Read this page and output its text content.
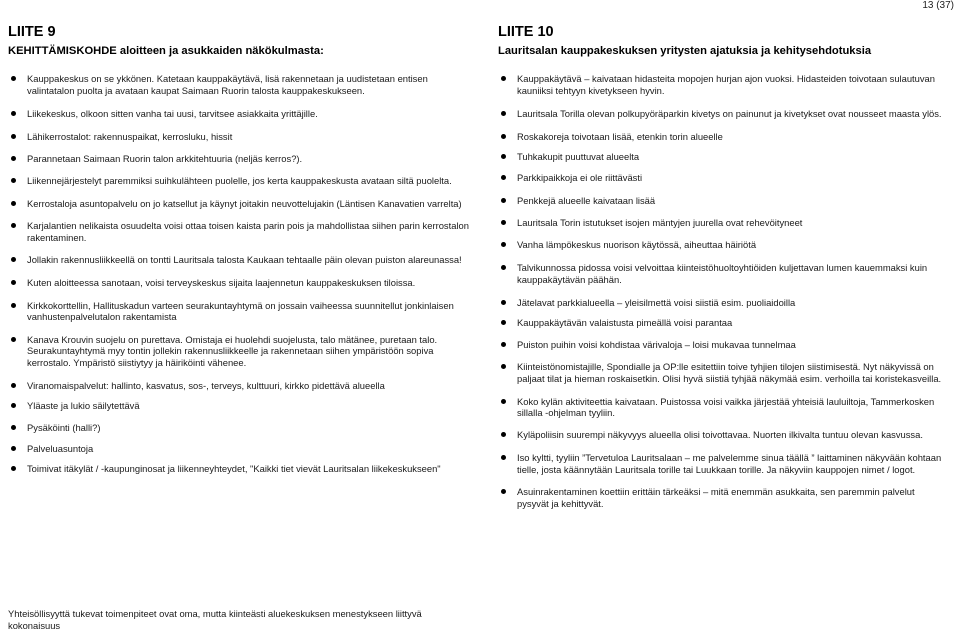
13 (37)
LIITE 9
KEHITTÄMISKOHDE aloitteen ja asukkaiden näkökulmasta:
Kauppakeskus on se ykkönen. Katetaan kauppakäytävä, lisä rakennetaan ja uudistetaan entisen valintatalon puolta ja avataan kaupat Saimaan Ruorin talosta kauppakeskukseen.
Liikekeskus, olkoon sitten vanha tai uusi, tarvitsee asiakkaita yrittäjille.
Lähikerrostalot: rakennuspaikat, kerrosluku, hissit
Parannetaan Saimaan Ruorin talon arkkitehtuuria (neljäs kerros?).
Liikennejärjestelyt paremmiksi suihkulähteen puolelle, jos kerta kauppakeskusta avataan siltä puolelta.
Kerrostaloja asuntopalvelu on jo katsellut ja käynyt joitakin neuvottelujakin (Läntisen Kanavatien varrelta)
Karjalantien nelikaista osuudelta voisi ottaa toisen kaista parin pois ja mahdollistaa siihen parin kerrostalon rakentaminen.
Jollakin rakennusliikkeellä on tontti Lauritsala talosta Kaukaan tehtaalle päin olevan puiston alareunassa!
Kuten aloitteessa sanotaan, voisi terveyskeskus sijaita laajennetun kauppakeskuksen tiloissa.
Kirkkokorttellin, Hallituskadun varteen seurakuntayhtymä on jossain vaiheessa suunnitellut jonkinlaisen vanhustenpalvelutalon rakentamista
Kanava Krouvin suojelu on purettava. Omistaja ei huolehdi suojelusta, talo mätänee, puretaan talo. Seurakuntayhtymä myy tontin jollekin rakennusliikkeelle ja rakennetaan siihen ympäristöön sopiva kerrostalo. Ympäristö siistiytyy ja häiriköinti vähenee.
Viranomaispalvelut: hallinto, kasvatus, sos-, terveys, kulttuuri, kirkko pidettävä alueella
Yläaste ja lukio säilytettävä
Pysäköinti (halli?)
Palveluasuntoja
Toimivat itäkylät / -kaupunginosat ja liikenneyhteydet, "Kaikki tiet vievät Lauritsalan liikekeskukseen"
Yhteisöllisyyttä tukevat toimenpiteet ovat oma, mutta kiinteästi aluekeskuksen menestykseen liittyvä kokonaisuus
LIITE 10
Lauritsalan kauppakeskuksen yritysten ajatuksia ja kehitysehdotuksia
Kauppakäytävä – kaivataan hidasteita mopojen hurjan ajon vuoksi. Hidasteiden toivotaan sulautuvan kauniiksi tehtyyn kivetykseen hyvin.
Lauritsala Torilla olevan polkupyöräparkin kivetys on painunut ja kivetykset ovat nousseet maasta ylös.
Roskakoreja toivotaan lisää, etenkin torin alueelle
Tuhkakupit puuttuvat alueelta
Parkkipaikkoja ei ole riittävästi
Penkkejä alueelle kaivataan lisää
Lauritsala Torin istutukset isojen mäntyjen juurella ovat rehevöityneet
Vanha lämpökeskus nuorison käytössä, aiheuttaa häiriötä
Talvikunnossa pidossa voisi velvoittaa kiinteistöhuoltoyhtiöiden kuljettavan lumen kauemmaksi kuin kauppakäytävän päähän.
Jätelavat parkkialueella – yleisilmettä voisi siistiä esim. puoliaidoilla
Kauppakäytävän valaistusta pimeällä voisi parantaa
Puiston puihin voisi kohdistaa värivaloja – loisi mukavaa tunnelmaa
Kiinteistönomistajille, Spondialle ja OP:lle esitettiin toive tyhjien tilojen siistimisestä. Nyt näkyvissä on paljaat tilat ja hieman roskaisetkin. Olisi hyvä siistiä tyhjää näkymää esim. verhoilla tai koristekasveilla.
Koko kylän aktiviteettia kaivataan. Puistossa voisi vaikka järjestää yhteisiä lauluiltoja, Tammerkosken sillalla -ohjelman tyyliin.
Kyläpoliisin suurempi näkyvyys alueella olisi toivottavaa. Nuorten ilkivalta tuntuu olevan kasvussa.
Iso kyltti, tyyliin ”Tervetuloa Lauritsalaan – me palvelemme sinua täällä ” laittaminen näkyvään kohtaan tielle, josta käännytään Lauritsala torille tai Luukkaan torille. Ja näkyviin kauppojen nimet / logot.
Asuinrakentaminen koettiin erittäin tärkeäksi – mitä enemmän asukkaita, sen paremmin palvelut pysyvät ja kehittyvät.
